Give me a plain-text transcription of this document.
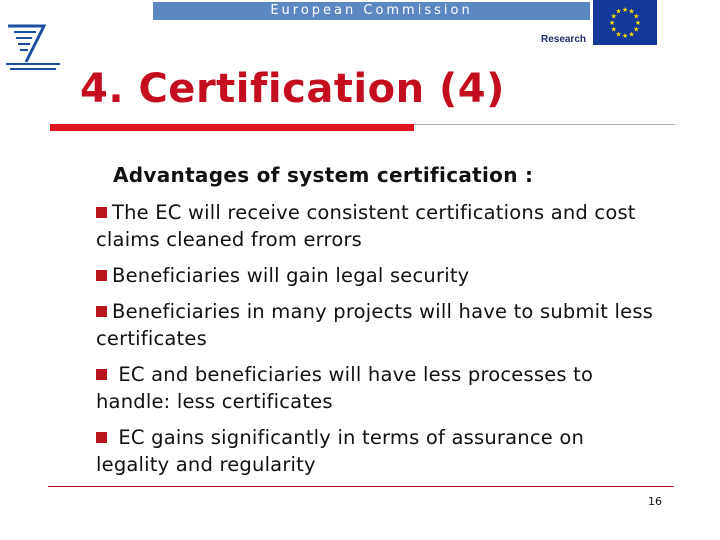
European Commission
Research
★ ★
★
★
★
★
★
★
★
★
★
★
4. Certification (4)
Advantages of system certification :
The EC will receive consistent certifications and cost claims cleaned from errors
Beneficiaries will gain legal security
Beneficiaries in many projects will have to submit less certificates
EC and beneficiaries will have less processes to handle: less certificates
EC gains significantly in terms of assurance on legality and regularity
16
